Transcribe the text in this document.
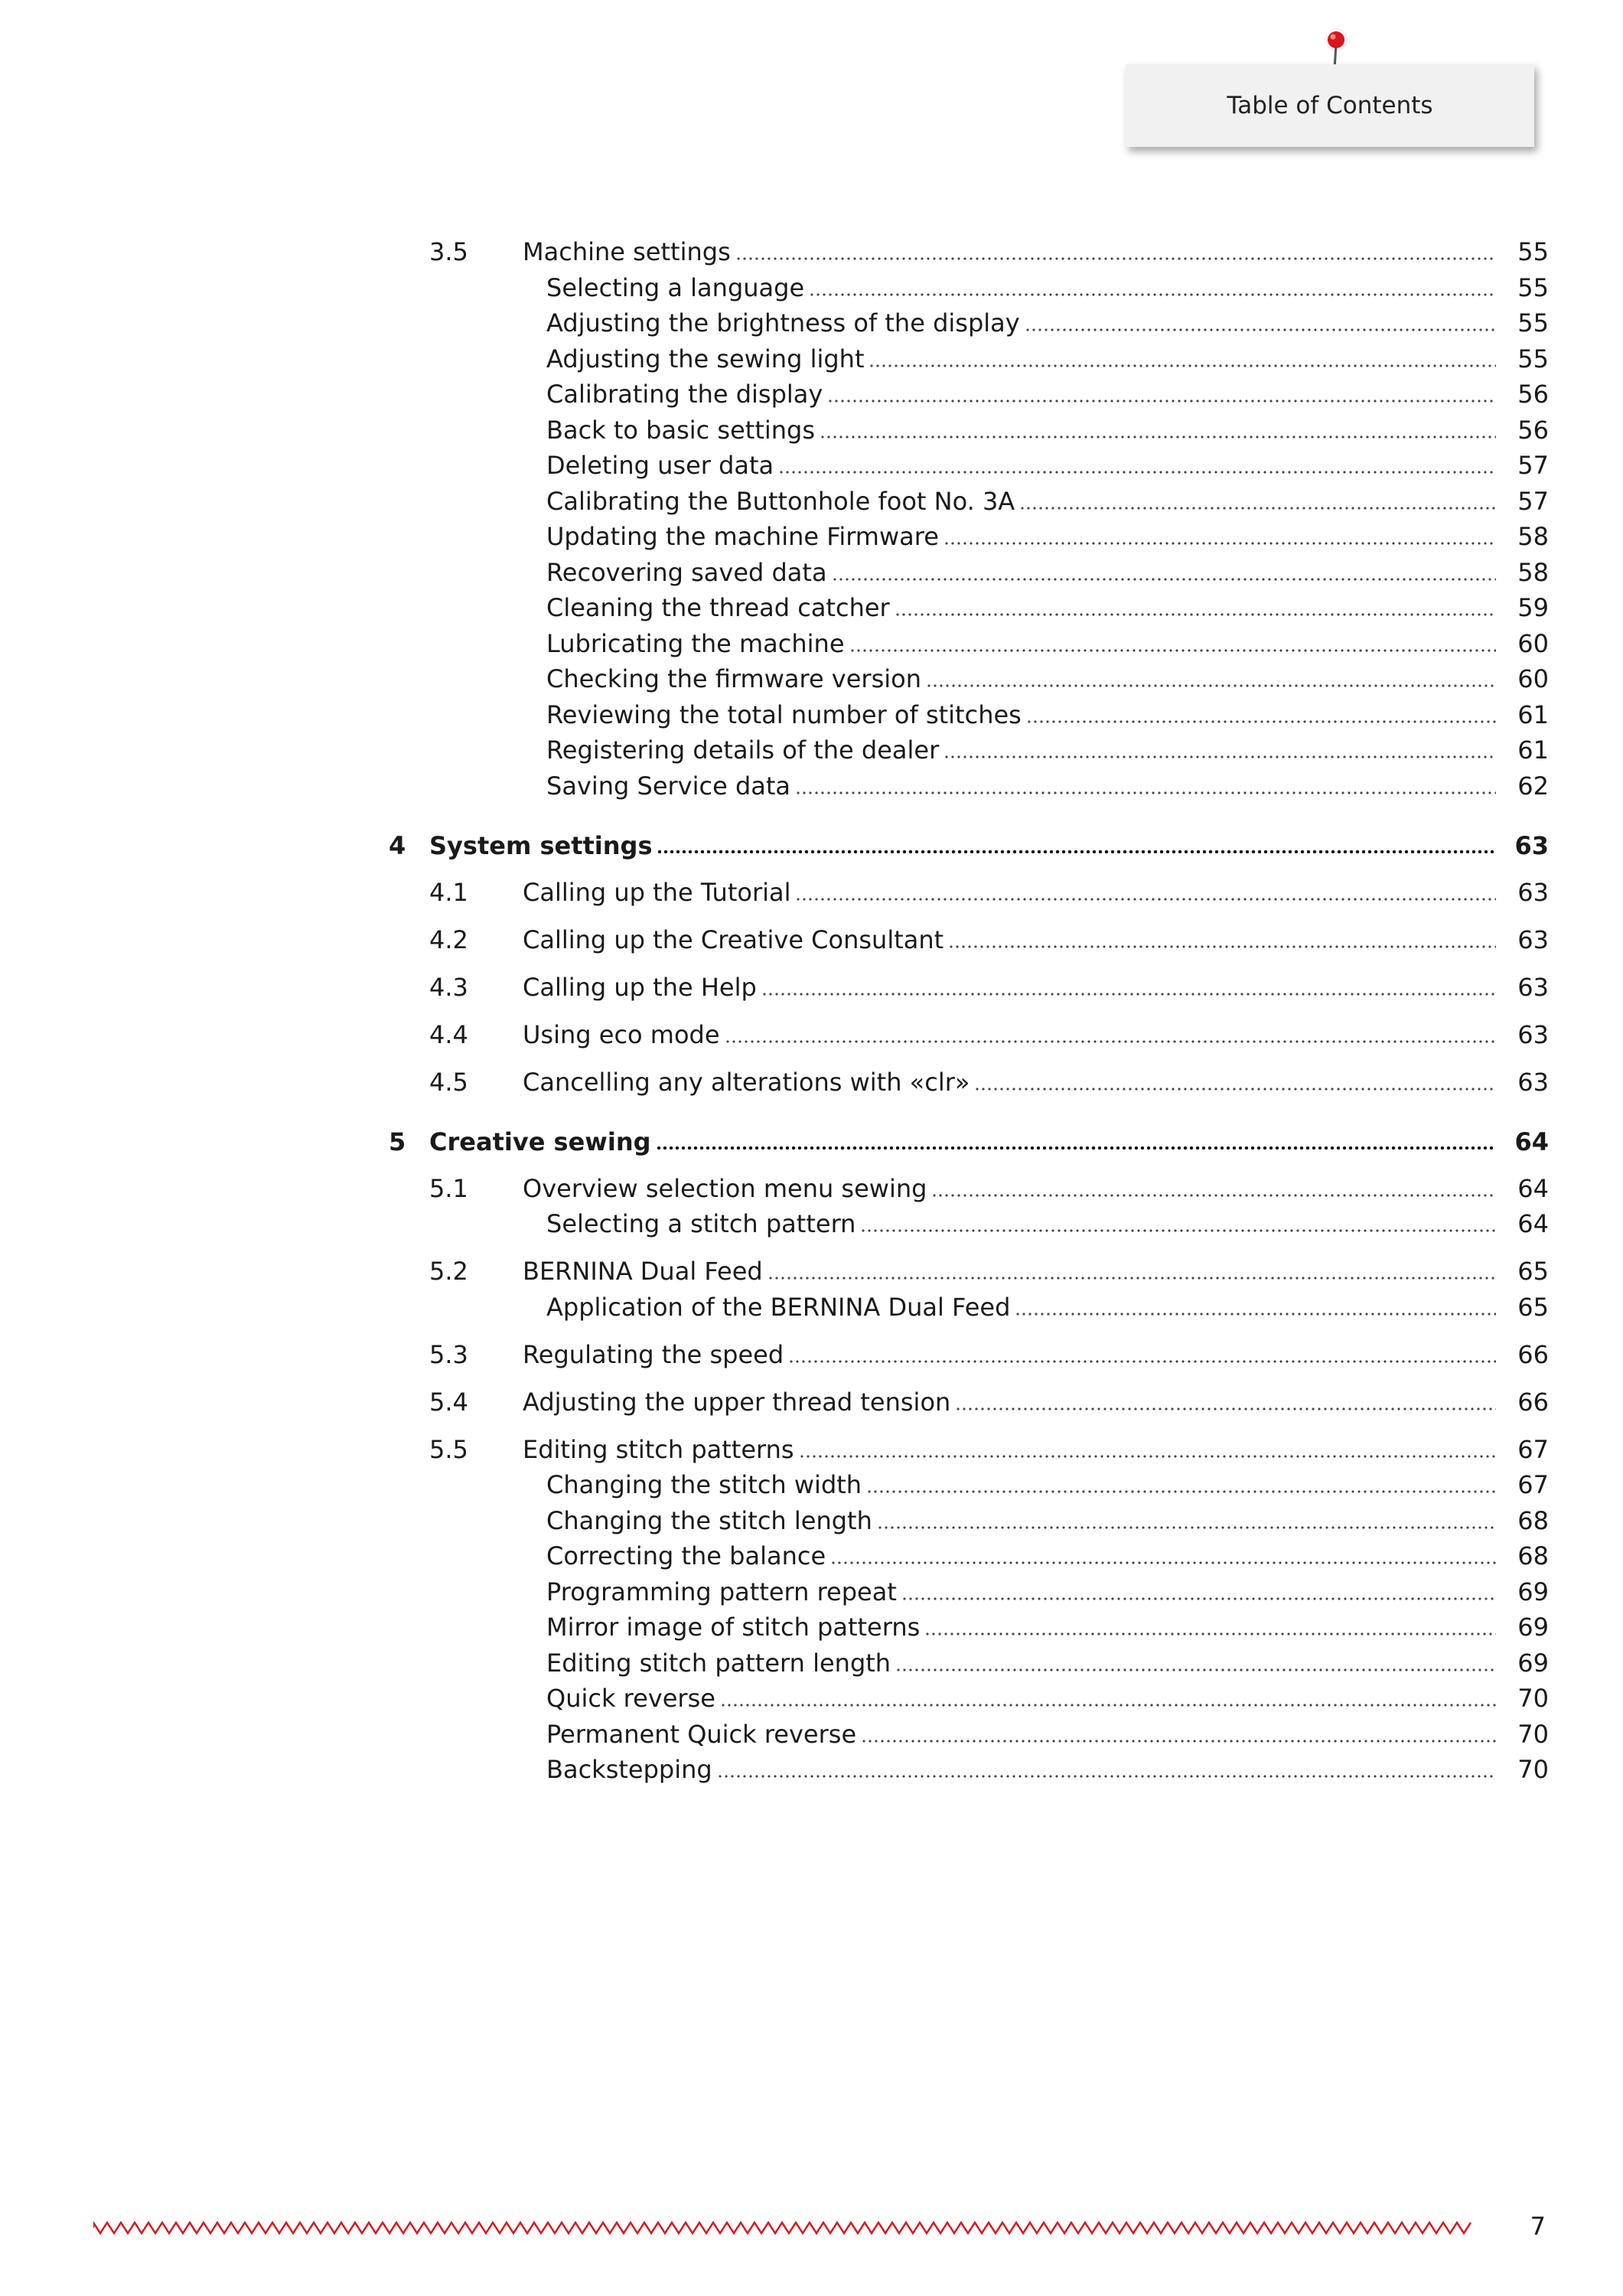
Table of Contents
3.5 Machine settings	55
Selecting a language	55
Adjusting the brightness of the display	55
Adjusting the sewing light	55
Calibrating the display	56
Back to basic settings	56
Deleting user data	57
Calibrating the Buttonhole foot No. 3A	57
Updating the machine Firmware	58
Recovering saved data	58
Cleaning the thread catcher	59
Lubricating the machine	60
Checking the firmware version	60
Reviewing the total number of stitches	61
Registering details of the dealer	61
Saving Service data	62
4 System settings	63
4.1 Calling up the Tutorial	63
4.2 Calling up the Creative Consultant	63
4.3 Calling up the Help	63
4.4 Using eco mode	63
4.5 Cancelling any alterations with «clr»	63
5 Creative sewing	64
5.1 Overview selection menu sewing	64
Selecting a stitch pattern	64
5.2 BERNINA Dual Feed	65
Application of the BERNINA Dual Feed	65
5.3 Regulating the speed	66
5.4 Adjusting the upper thread tension	66
5.5 Editing stitch patterns	67
Changing the stitch width	67
Changing the stitch length	68
Correcting the balance	68
Programming pattern repeat	69
Mirror image of stitch patterns	69
Editing stitch pattern length	69
Quick reverse	70
Permanent Quick reverse	70
Backstepping	70
7
